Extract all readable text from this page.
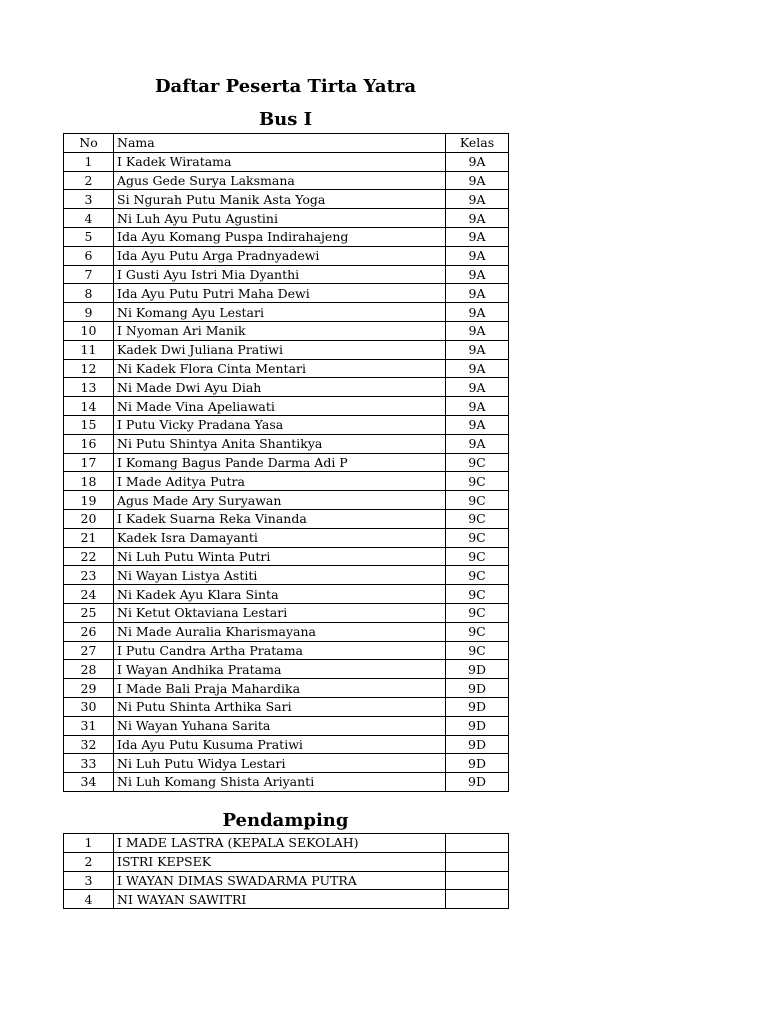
Daftar Peserta Tirta Yatra
Bus I
No	Nama	Kelas
1	I Kadek Wiratama	9A
2	Agus Gede Surya Laksmana	9A
3	Si Ngurah Putu Manik Asta Yoga	9A
4	Ni Luh Ayu Putu Agustini	9A
5	Ida Ayu Komang Puspa Indirahajeng	9A
6	Ida Ayu Putu Arga Pradnyadewi	9A
7	I Gusti Ayu Istri Mia Dyanthi	9A
8	Ida Ayu Putu Putri Maha Dewi	9A
9	Ni Komang Ayu Lestari	9A
10	I Nyoman Ari Manik	9A
11	Kadek Dwi Juliana Pratiwi	9A
12	Ni Kadek Flora Cinta Mentari	9A
13	Ni Made Dwi Ayu Diah	9A
14	Ni Made Vina Apeliawati	9A
15	I Putu Vicky Pradana Yasa	9A
16	Ni Putu Shintya Anita Shantikya	9A
17	I Komang Bagus Pande Darma Adi P	9C
18	I Made Aditya Putra	9C
19	Agus Made Ary Suryawan	9C
20	I Kadek Suarna Reka Vinanda	9C
21	Kadek Isra Damayanti	9C
22	Ni Luh Putu Winta Putri	9C
23	Ni Wayan Listya Astiti	9C
24	Ni Kadek Ayu Klara Sinta	9C
25	Ni Ketut Oktaviana Lestari	9C
26	Ni Made Auralia Kharismayana	9C
27	I Putu Candra Artha Pratama	9C
28	I Wayan Andhika Pratama	9D
29	I Made Bali Praja Mahardika	9D
30	Ni Putu Shinta Arthika Sari	9D
31	Ni Wayan Yuhana Sarita	9D
32	Ida Ayu Putu Kusuma Pratiwi	9D
33	Ni Luh Putu Widya Lestari	9D
34	Ni Luh Komang Shista Ariyanti	9D
Pendamping
1	I MADE LASTRA (KEPALA SEKOLAH)	
2	ISTRI KEPSEK	
3	I WAYAN DIMAS SWADARMA PUTRA	
4	NI WAYAN SAWITRI	
